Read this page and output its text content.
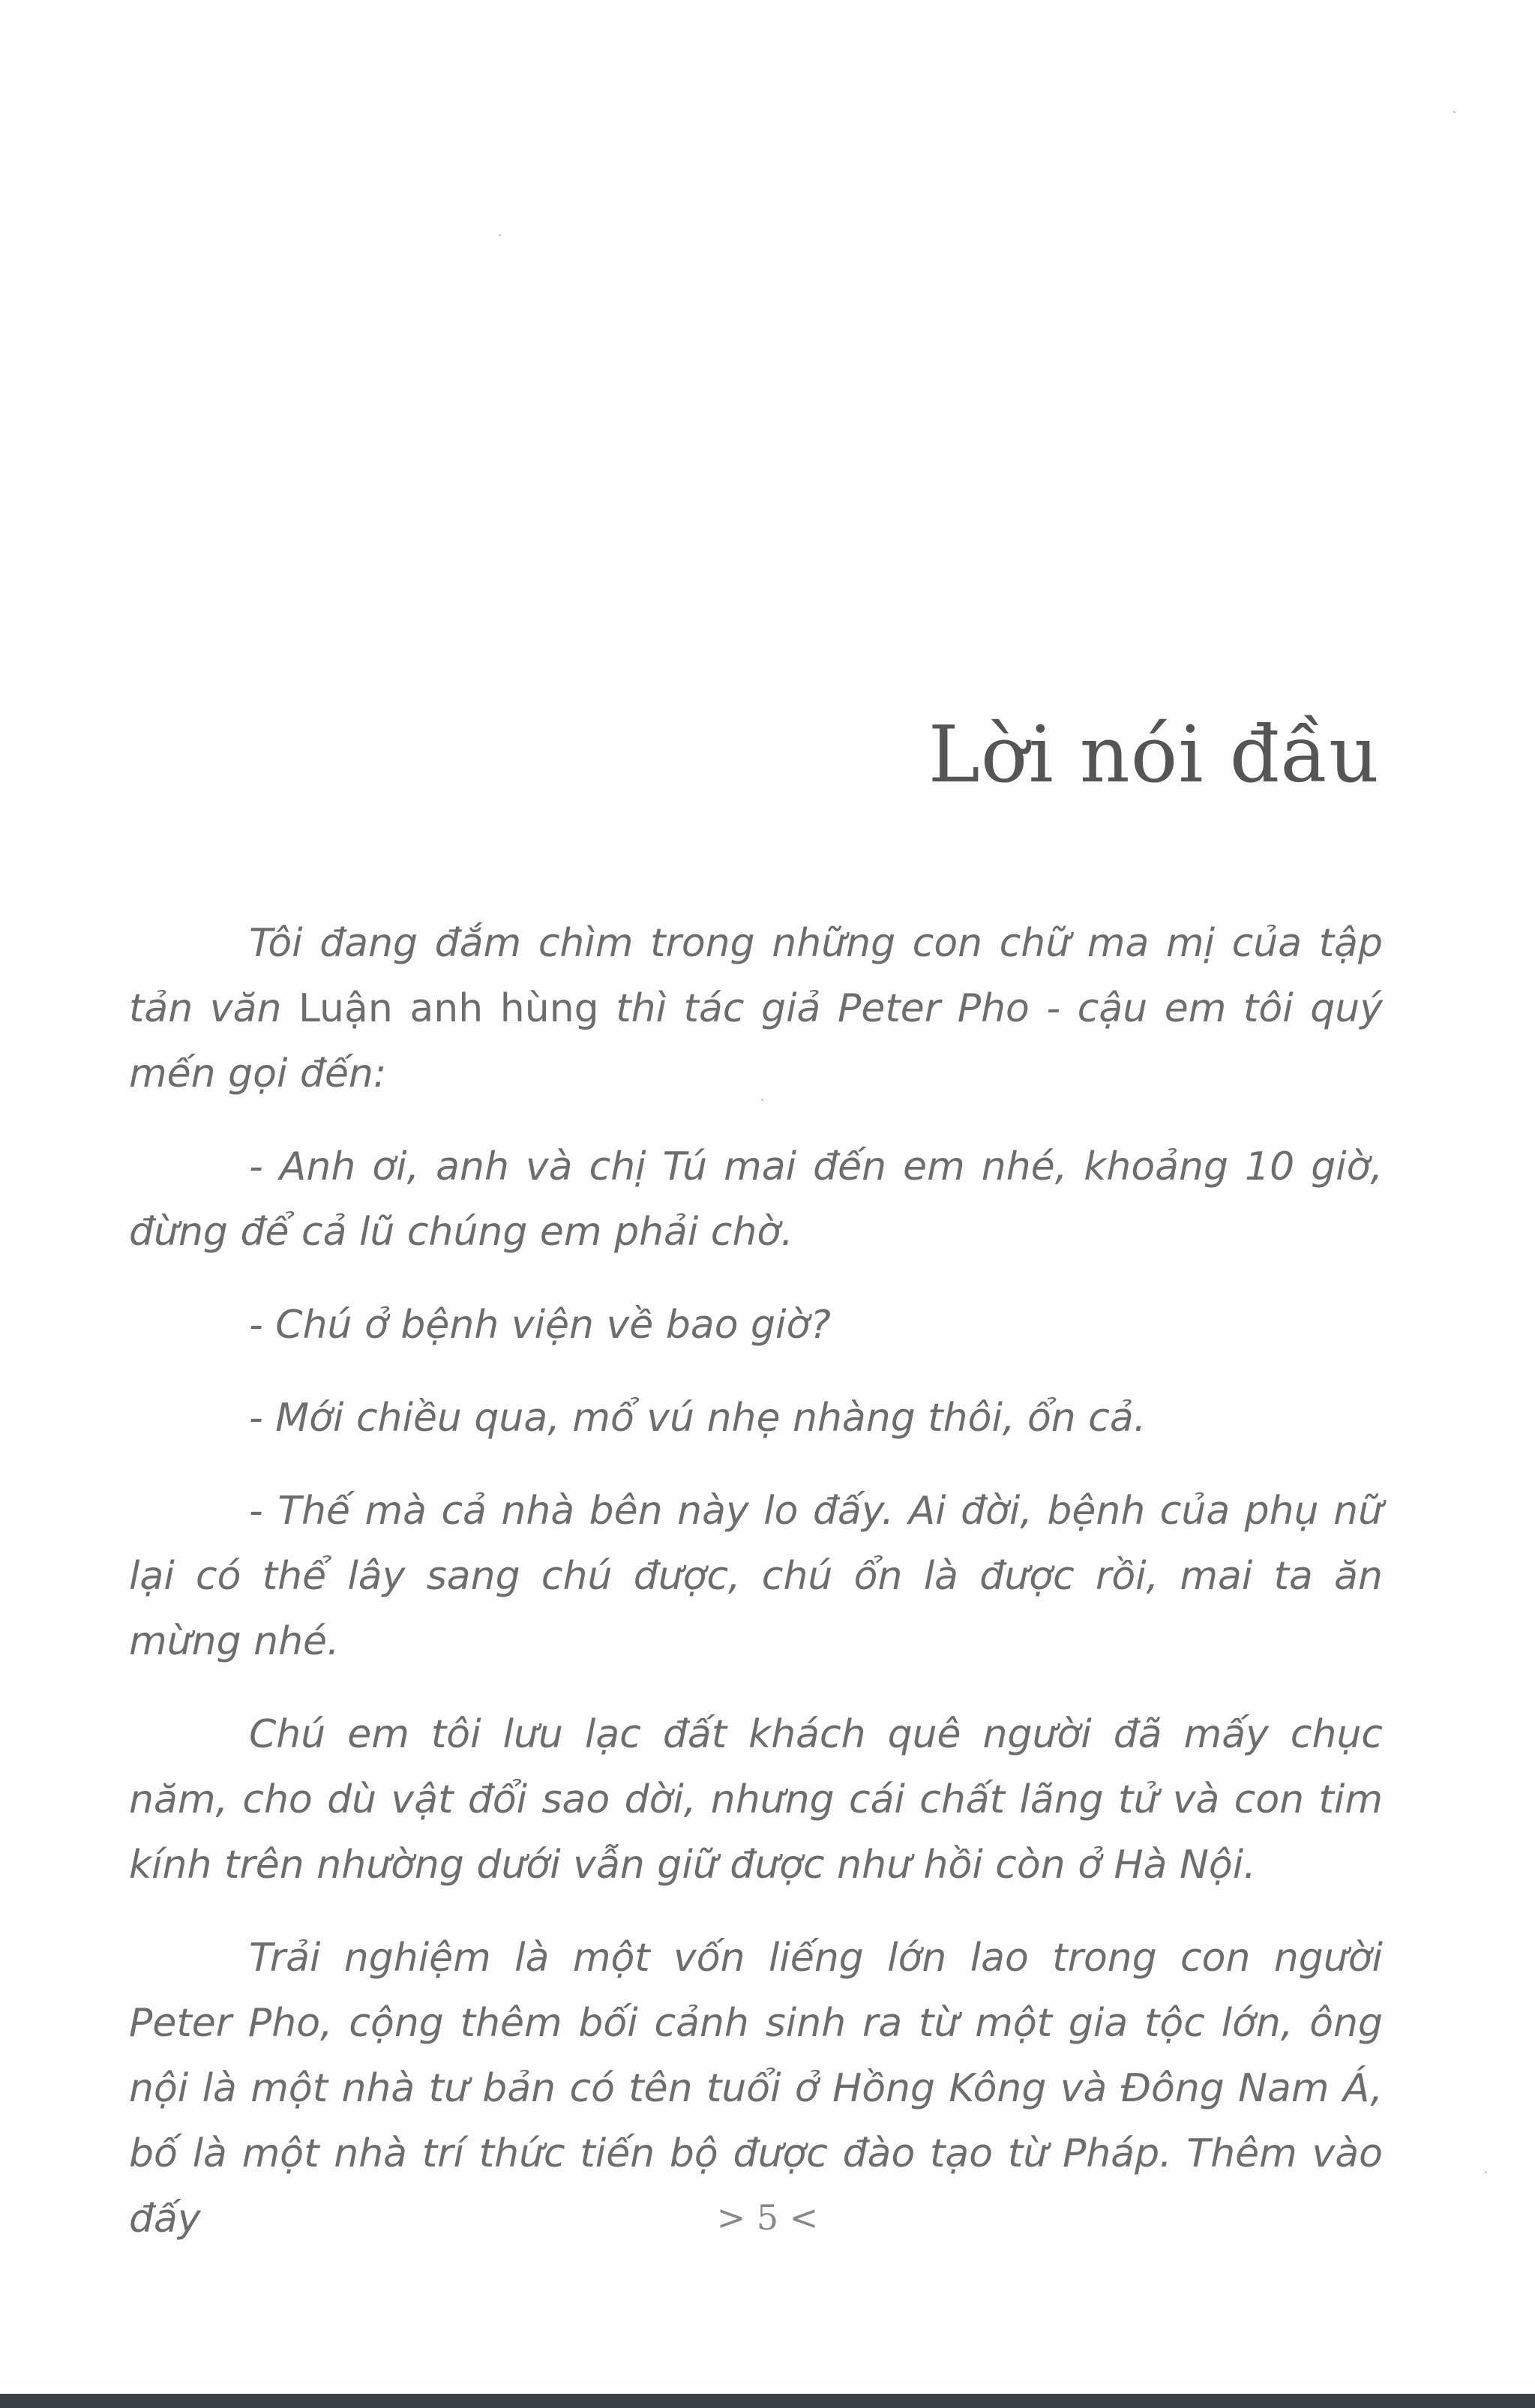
Lời nói đầu

Tôi đang đắm chìm trong những con chữ ma mị của tập tản văn Luận anh hùng thì tác giả Peter Pho - cậu em tôi quý mến gọi đến:

- Anh ơi, anh và chị Tú mai đến em nhé, khoảng 10 giờ, đừng để cả lũ chúng em phải chờ.

- Chú ở bệnh viện về bao giờ?

- Mới chiều qua, mổ vú nhẹ nhàng thôi, ổn cả.

- Thế mà cả nhà bên này lo đấy. Ai đời, bệnh của phụ nữ lại có thể lây sang chú được, chú ổn là được rồi, mai ta ăn mừng nhé.

Chú em tôi lưu lạc đất khách quê người đã mấy chục năm, cho dù vật đổi sao dời, nhưng cái chất lãng tử và con tim kính trên nhường dưới vẫn giữ được như hồi còn ở Hà Nội.

Trải nghiệm là một vốn liếng lớn lao trong con người Peter Pho, cộng thêm bối cảnh sinh ra từ một gia tộc lớn, ông nội là một nhà tư bản có tên tuổi ở Hồng Kông và Đông Nam Á, bố là một nhà trí thức tiến bộ được đào tạo từ Pháp. Thêm vào đấy	> 5 <
